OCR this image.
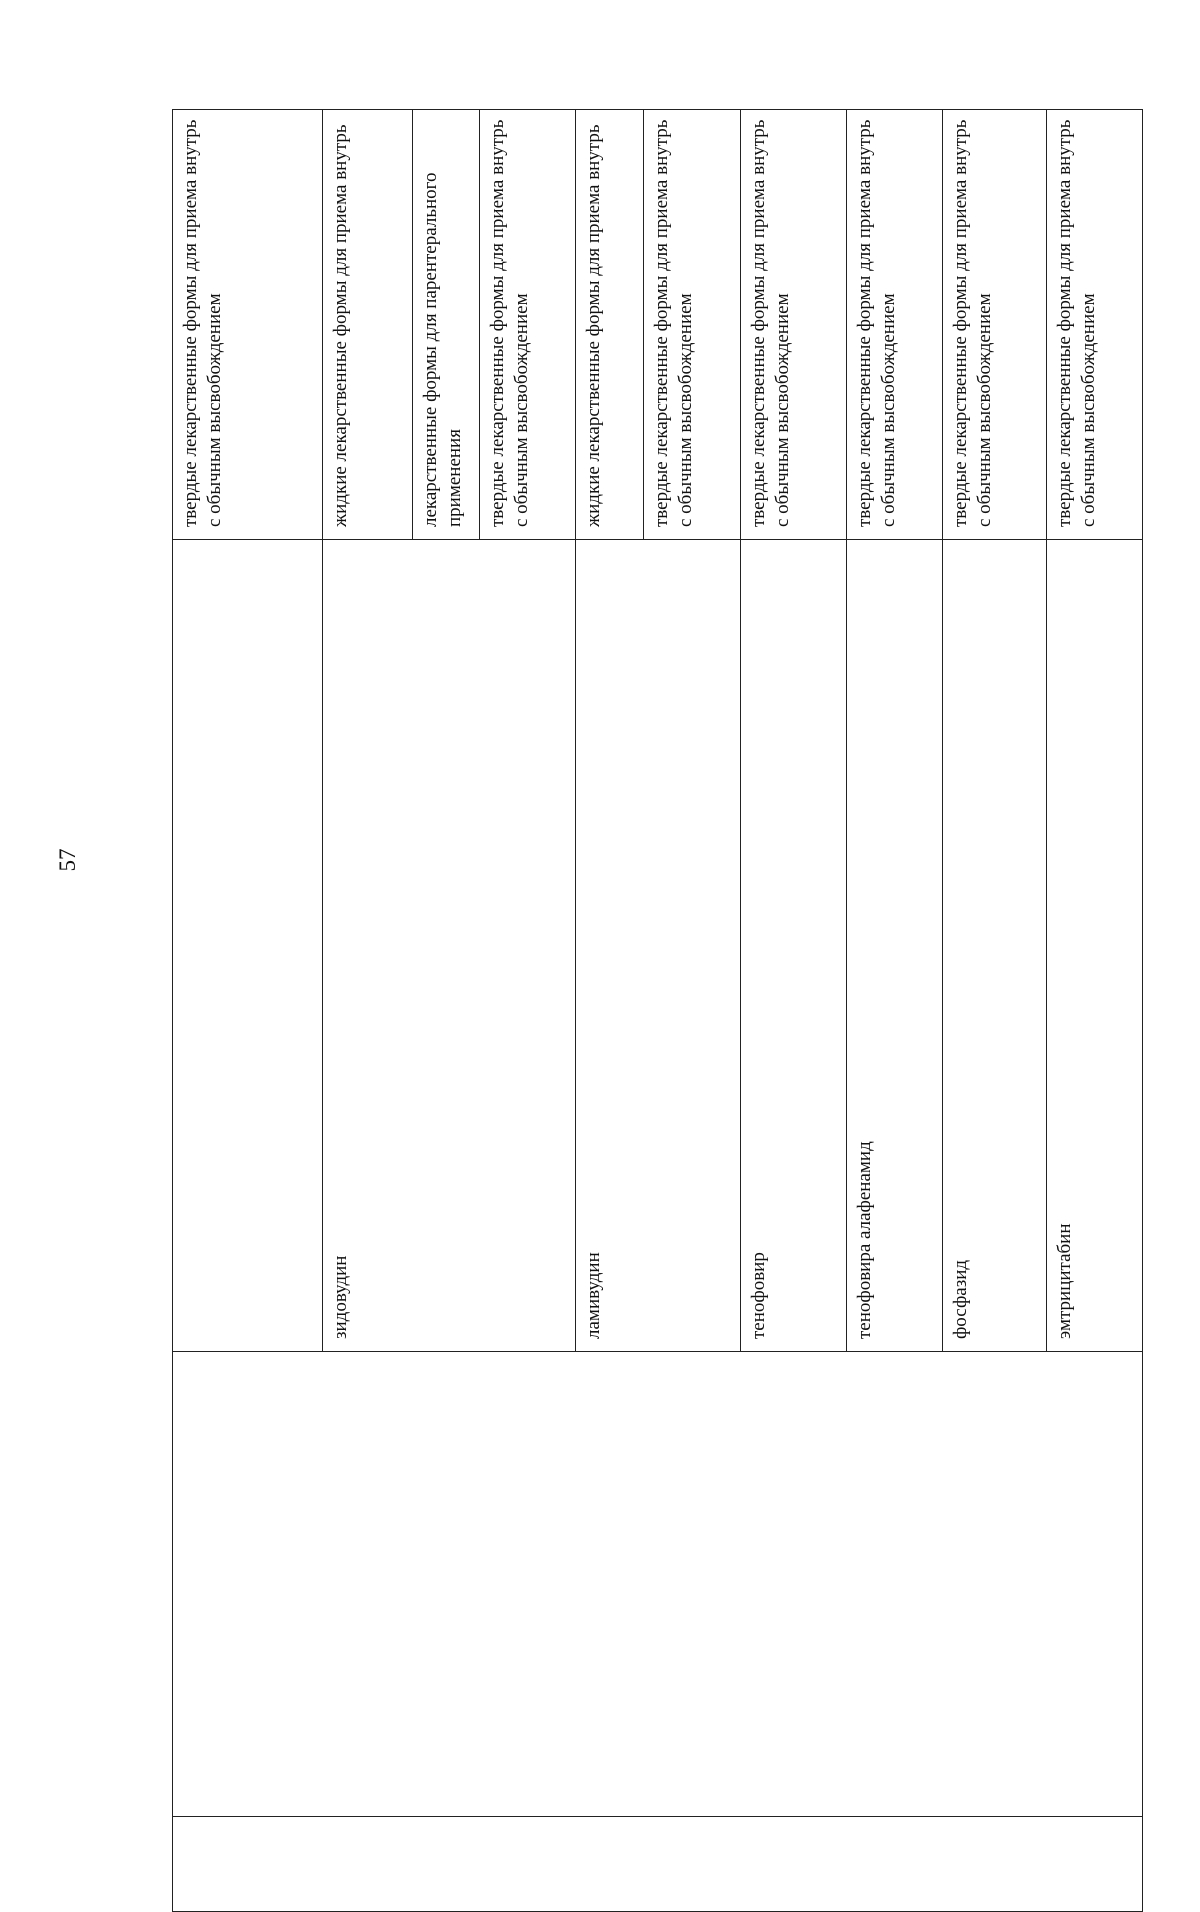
57
			твердые лекарственные формы для приема внутрь с обычным высвобождением
		зидовудин	жидкие лекарственные формы для приема внутрь
			лекарственные формы для парентерального применения
			твердые лекарственные формы для приема внутрь с обычным высвобождением
		ламивудин	жидкие лекарственные формы для приема внутрь
			твердые лекарственные формы для приема внутрь с обычным высвобождением
		тенофовир	твердые лекарственные формы для приема внутрь с обычным высвобождением
		тенофовира алафенамид	твердые лекарственные формы для приема внутрь с обычным высвобождением
		фосфазид	твердые лекарственные формы для приема внутрь с обычным высвобождением
		эмтрицитабин	твердые лекарственные формы для приема внутрь с обычным высвобождением
